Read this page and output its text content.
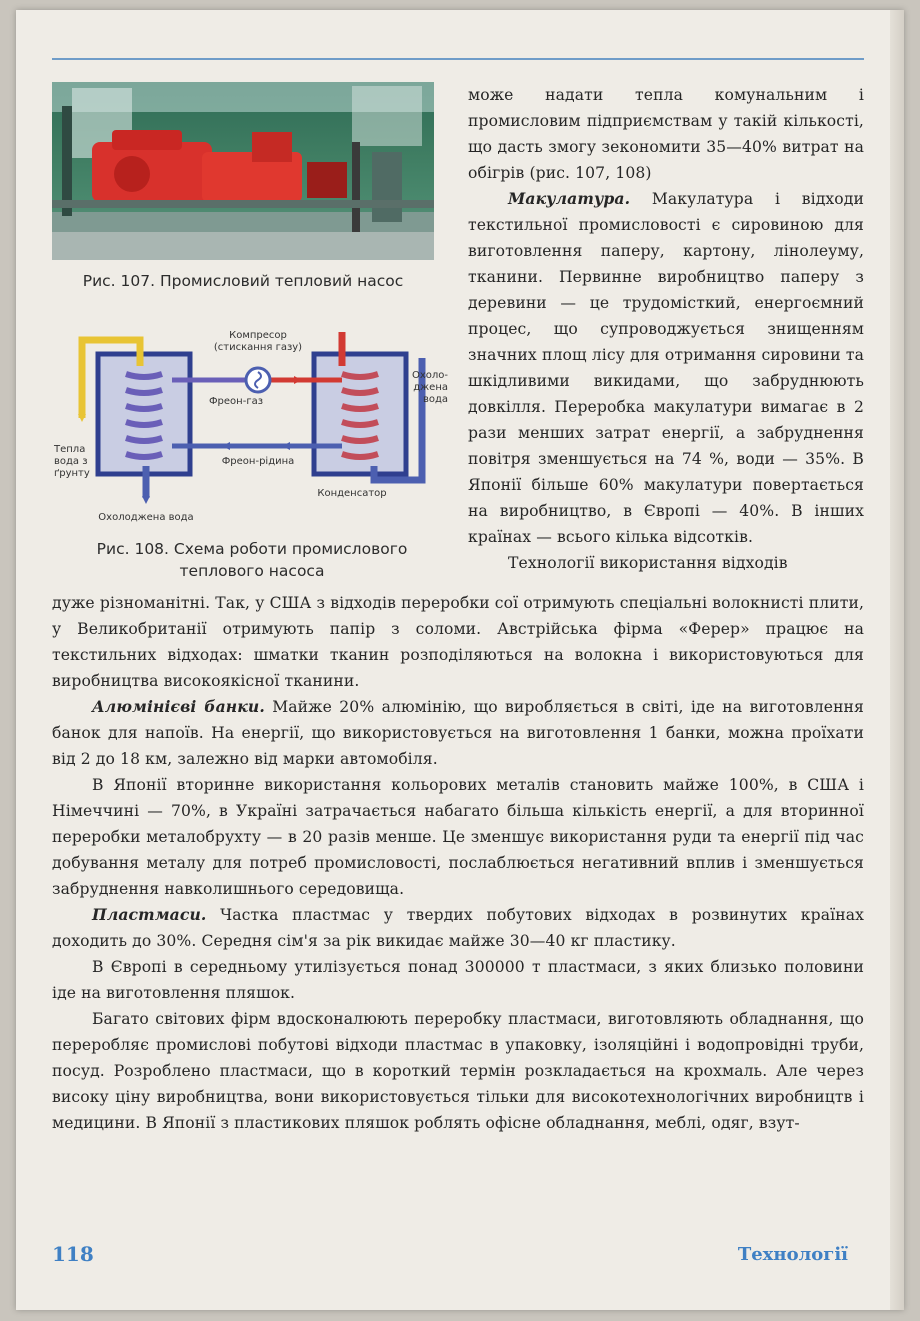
Рис. 107. Промисловий тепловий насос
Компресор
(стискання газу)
Фреон-газ
Фреон-рідина
Охоло-
джена
вода
Тепла
вода з
ґрунту
Конденсатор
Охолоджена вода
Рис. 108. Схема роботи промислового
теплового насоса

може надати тепла комунальним і промисловим підприємствам у такій кількості, що дасть змогу зекономити 35—40% витрат на обігрів (рис. 107, 108)

Макулатура. Макулатура і відходи текстильної промисловості є сировиною для виготовлення паперу, картону, лінолеуму, тканини. Первинне виробництво паперу з деревини — це трудомісткий, енергоємний процес, що супроводжується знищенням значних площ лісу для отримання сировини та шкідливими викидами, що забруднюють довкілля. Переробка макулатури вимагає в 2 рази менших затрат енергії, а забруднення повітря зменшується на 74 %, води — 35%. В Японії більше 60% макулатури повертається на виробництво, в Європі — 40%. В інших країнах — всього кілька відсотків.

Технології використання відходів

дуже різноманітні. Так, у США з відходів переробки сої отримують спеціальні волокнисті плити, у Великобританії отримують папір з соломи. Австрійська фірма «Ферер» працює на текстильних відходах: шматки тканин розподіляються на волокна і використовуються для виробництва високоякісної тканини.

Алюмінієві банки. Майже 20% алюмінію, що виробляється в світі, іде на виготовлення банок для напоїв. На енергії, що використовується на виготовлення 1 банки, можна проїхати від 2 до 18 км, залежно від марки автомобіля.

В Японії вторинне використання кольорових металів становить майже 100%, в США і Німеччині — 70%, в Україні затрачається набагато більша кількість енергії, а для вторинної переробки металобрухту — в 20 разів менше. Це зменшує використання руди та енергії під час добування металу для потреб промисловості, послаблюється негативний вплив і зменшується забруднення навколишнього середовища.

Пластмаси. Частка пластмас у твердих побутових відходах в розвинутих країнах доходить до 30%. Середня сім'я за рік викидає майже 30—40 кг пластику.

В Європі в середньому утилізується понад 300000 т пластмаси, з яких близько половини іде на виготовлення пляшок.

Багато світових фірм вдосконалюють переробку пластмаси, виготовляють обладнання, що переробляє промислові побутові відходи пластмас в упаковку, ізоляційні і водопровідні труби, посуд. Розроблено пластмаси, що в короткий термін розкладається на крохмаль. Але через високу ціну виробництва, вони використовується тільки для високотехнологічних виробництв і медицини. В Японії з пластикових пляшок роблять офісне обладнання, меблі, одяг, взут-

118	Технології
